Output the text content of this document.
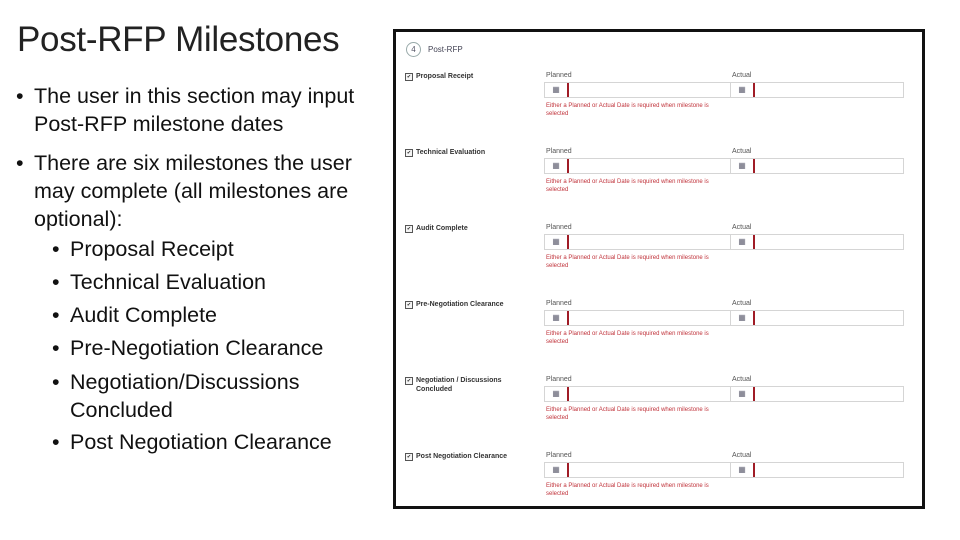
Post-RFP Milestones
• The user in this section may input Post-RFP milestone dates
• There are six milestones the user may complete (all milestones are optional):
• Proposal Receipt
• Technical Evaluation
• Audit Complete
• Pre-Negotiation Clearance
• Negotiation/Discussions Concluded
• Post Negotiation Clearance
4	Post-RFP
✔ Proposal Receipt	Planned
▦
Actual
▦
Either a Planned or Actual Date is required when milestone is selected
✔ Technical Evaluation	Planned
▦
Actual
▦
Either a Planned or Actual Date is required when milestone is selected
✔ Audit Complete	Planned
▦
Actual
▦
Either a Planned or Actual Date is required when milestone is selected
✔ Pre-Negotiation Clearance	Planned
▦
Actual
▦
Either a Planned or Actual Date is required when milestone is selected
✔ Negotiation / Discussions Concluded
Planned
▦
Actual
▦
Either a Planned or Actual Date is required when milestone is selected
✔ Post Negotiation Clearance	Planned
▦
Actual
▦
Either a Planned or Actual Date is required when milestone is selected
